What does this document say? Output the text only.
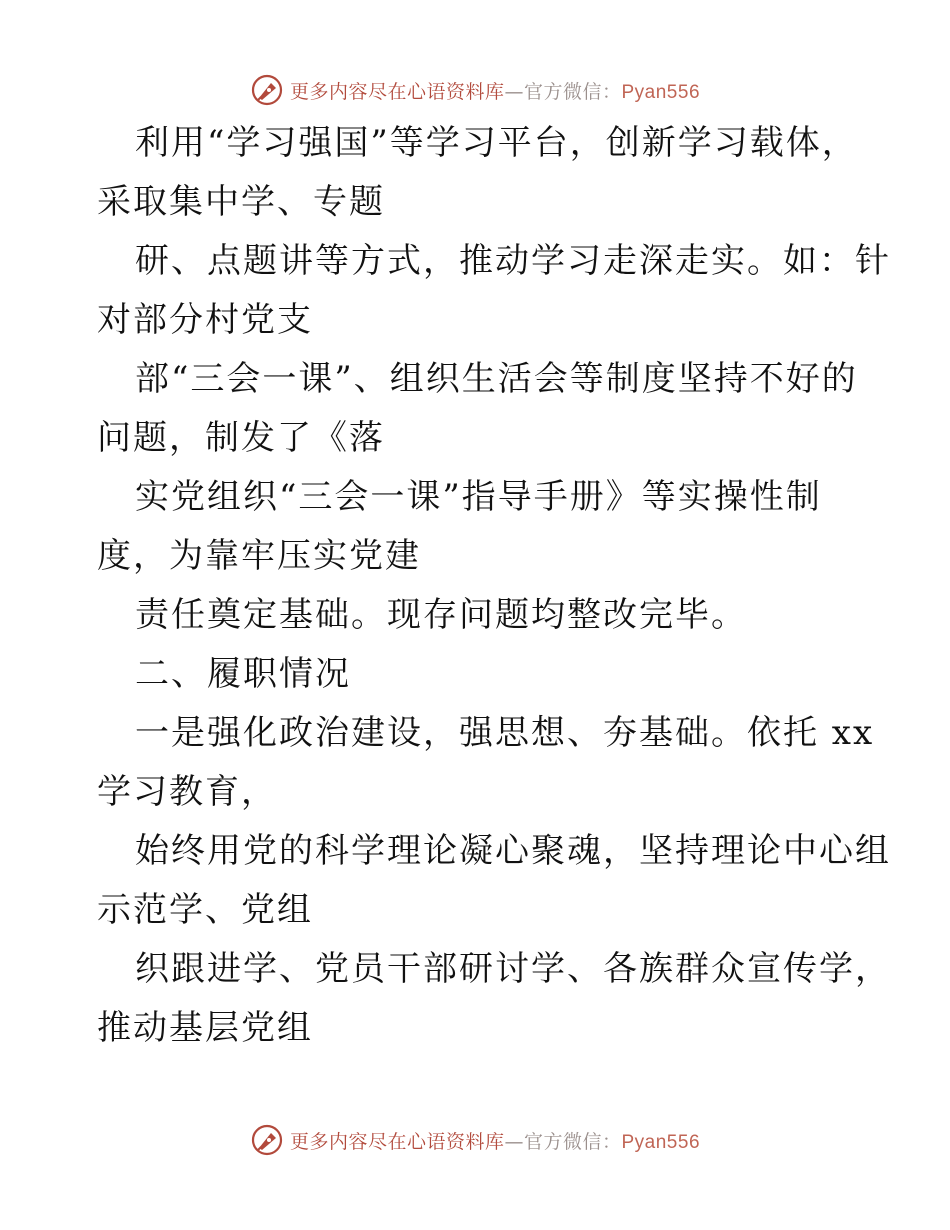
更多内容尽在心语资料库—官方微信：Pyan556
利用“学习强国”等学习平台，创新学习载体，
采取集中学、专题
研、点题讲等方式，推动学习走深走实。如：针
对部分村党支
部“三会一课”、组织生活会等制度坚持不好的
问题，制发了《落
实党组织“三会一课”指导手册》等实操性制
度，为靠牢压实党建
责任奠定基础。现存问题均整改完毕。
二、履职情况
一是强化政治建设，强思想、夯基础。依托 xx
学习教育，
始终用党的科学理论凝心聚魂，坚持理论中心组
示范学、党组
织跟进学、党员干部研讨学、各族群众宣传学，
推动基层党组
更多内容尽在心语资料库—官方微信：Pyan556
